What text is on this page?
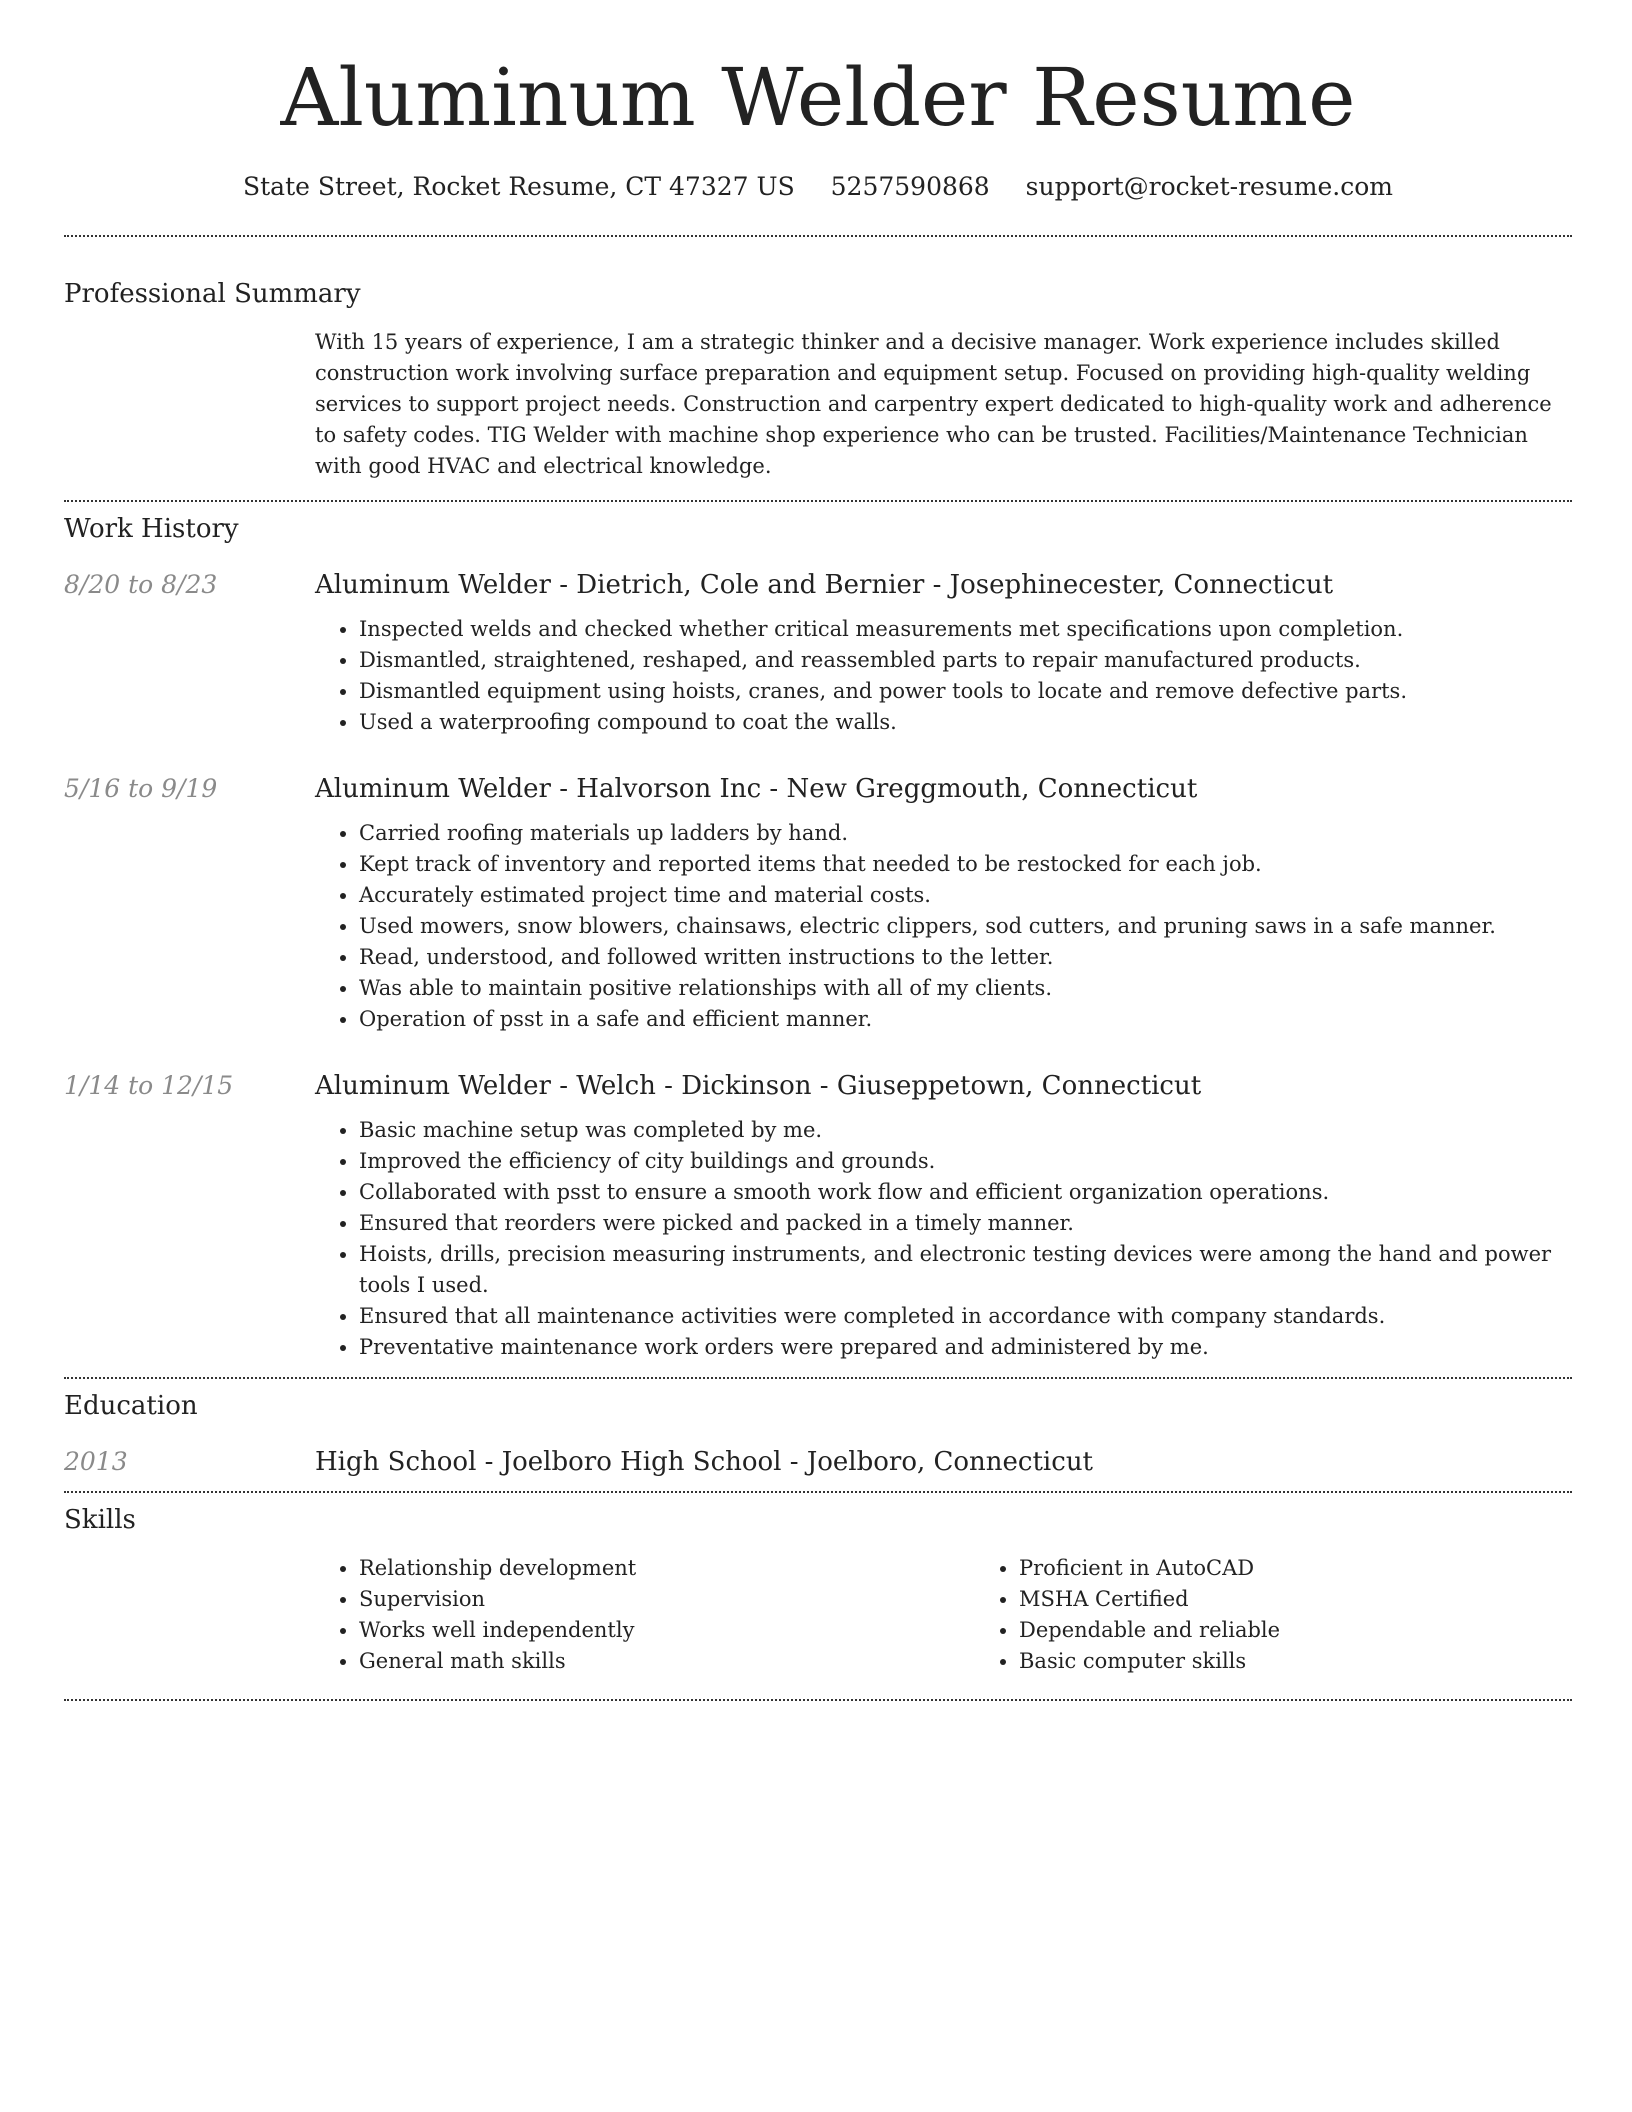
Aluminum Welder Resume
State Street, Rocket Resume, CT 47327 US 5257590868 support@rocket-resume.com
Professional Summary

With 15 years of experience, I am a strategic thinker and a decisive manager. Work experience includes skilled construction work involving surface preparation and equipment setup. Focused on providing high-quality welding services to support project needs. Construction and carpentry expert dedicated to high-quality work and adherence to safety codes. TIG Welder with machine shop experience who can be trusted. Facilities/Maintenance Technician with good HVAC and electrical knowledge.

Work History
8/20 to 8/23	Aluminum Welder - Dietrich, Cole and Bernier - Josephinecester, Connecticut
• Inspected welds and checked whether critical measurements met specifications upon completion.
• Dismantled, straightened, reshaped, and reassembled parts to repair manufactured products.
• Dismantled equipment using hoists, cranes, and power tools to locate and remove defective parts.
• Used a waterproofing compound to coat the walls.
5/16 to 9/19	Aluminum Welder - Halvorson Inc - New Greggmouth, Connecticut
• Carried roofing materials up ladders by hand.
• Kept track of inventory and reported items that needed to be restocked for each job.
• Accurately estimated project time and material costs.
• Used mowers, snow blowers, chainsaws, electric clippers, sod cutters, and pruning saws in a safe manner.
• Read, understood, and followed written instructions to the letter.
• Was able to maintain positive relationships with all of my clients.
• Operation of psst in a safe and efficient manner.
1/14 to 12/15	Aluminum Welder - Welch - Dickinson - Giuseppetown, Connecticut
• Basic machine setup was completed by me.
• Improved the efficiency of city buildings and grounds.
• Collaborated with psst to ensure a smooth work flow and efficient organization operations.
• Ensured that reorders were picked and packed in a timely manner.
• Hoists, drills, precision measuring instruments, and electronic testing devices were among the hand and power tools I used.
• Ensured that all maintenance activities were completed in accordance with company standards.
• Preventative maintenance work orders were prepared and administered by me.
Education
2013	High School - Joelboro High School - Joelboro, Connecticut
Skills
• Relationship development
• Supervision
• Works well independently
• General math skills
• Proficient in AutoCAD
• MSHA Certified
• Dependable and reliable
• Basic computer skills
